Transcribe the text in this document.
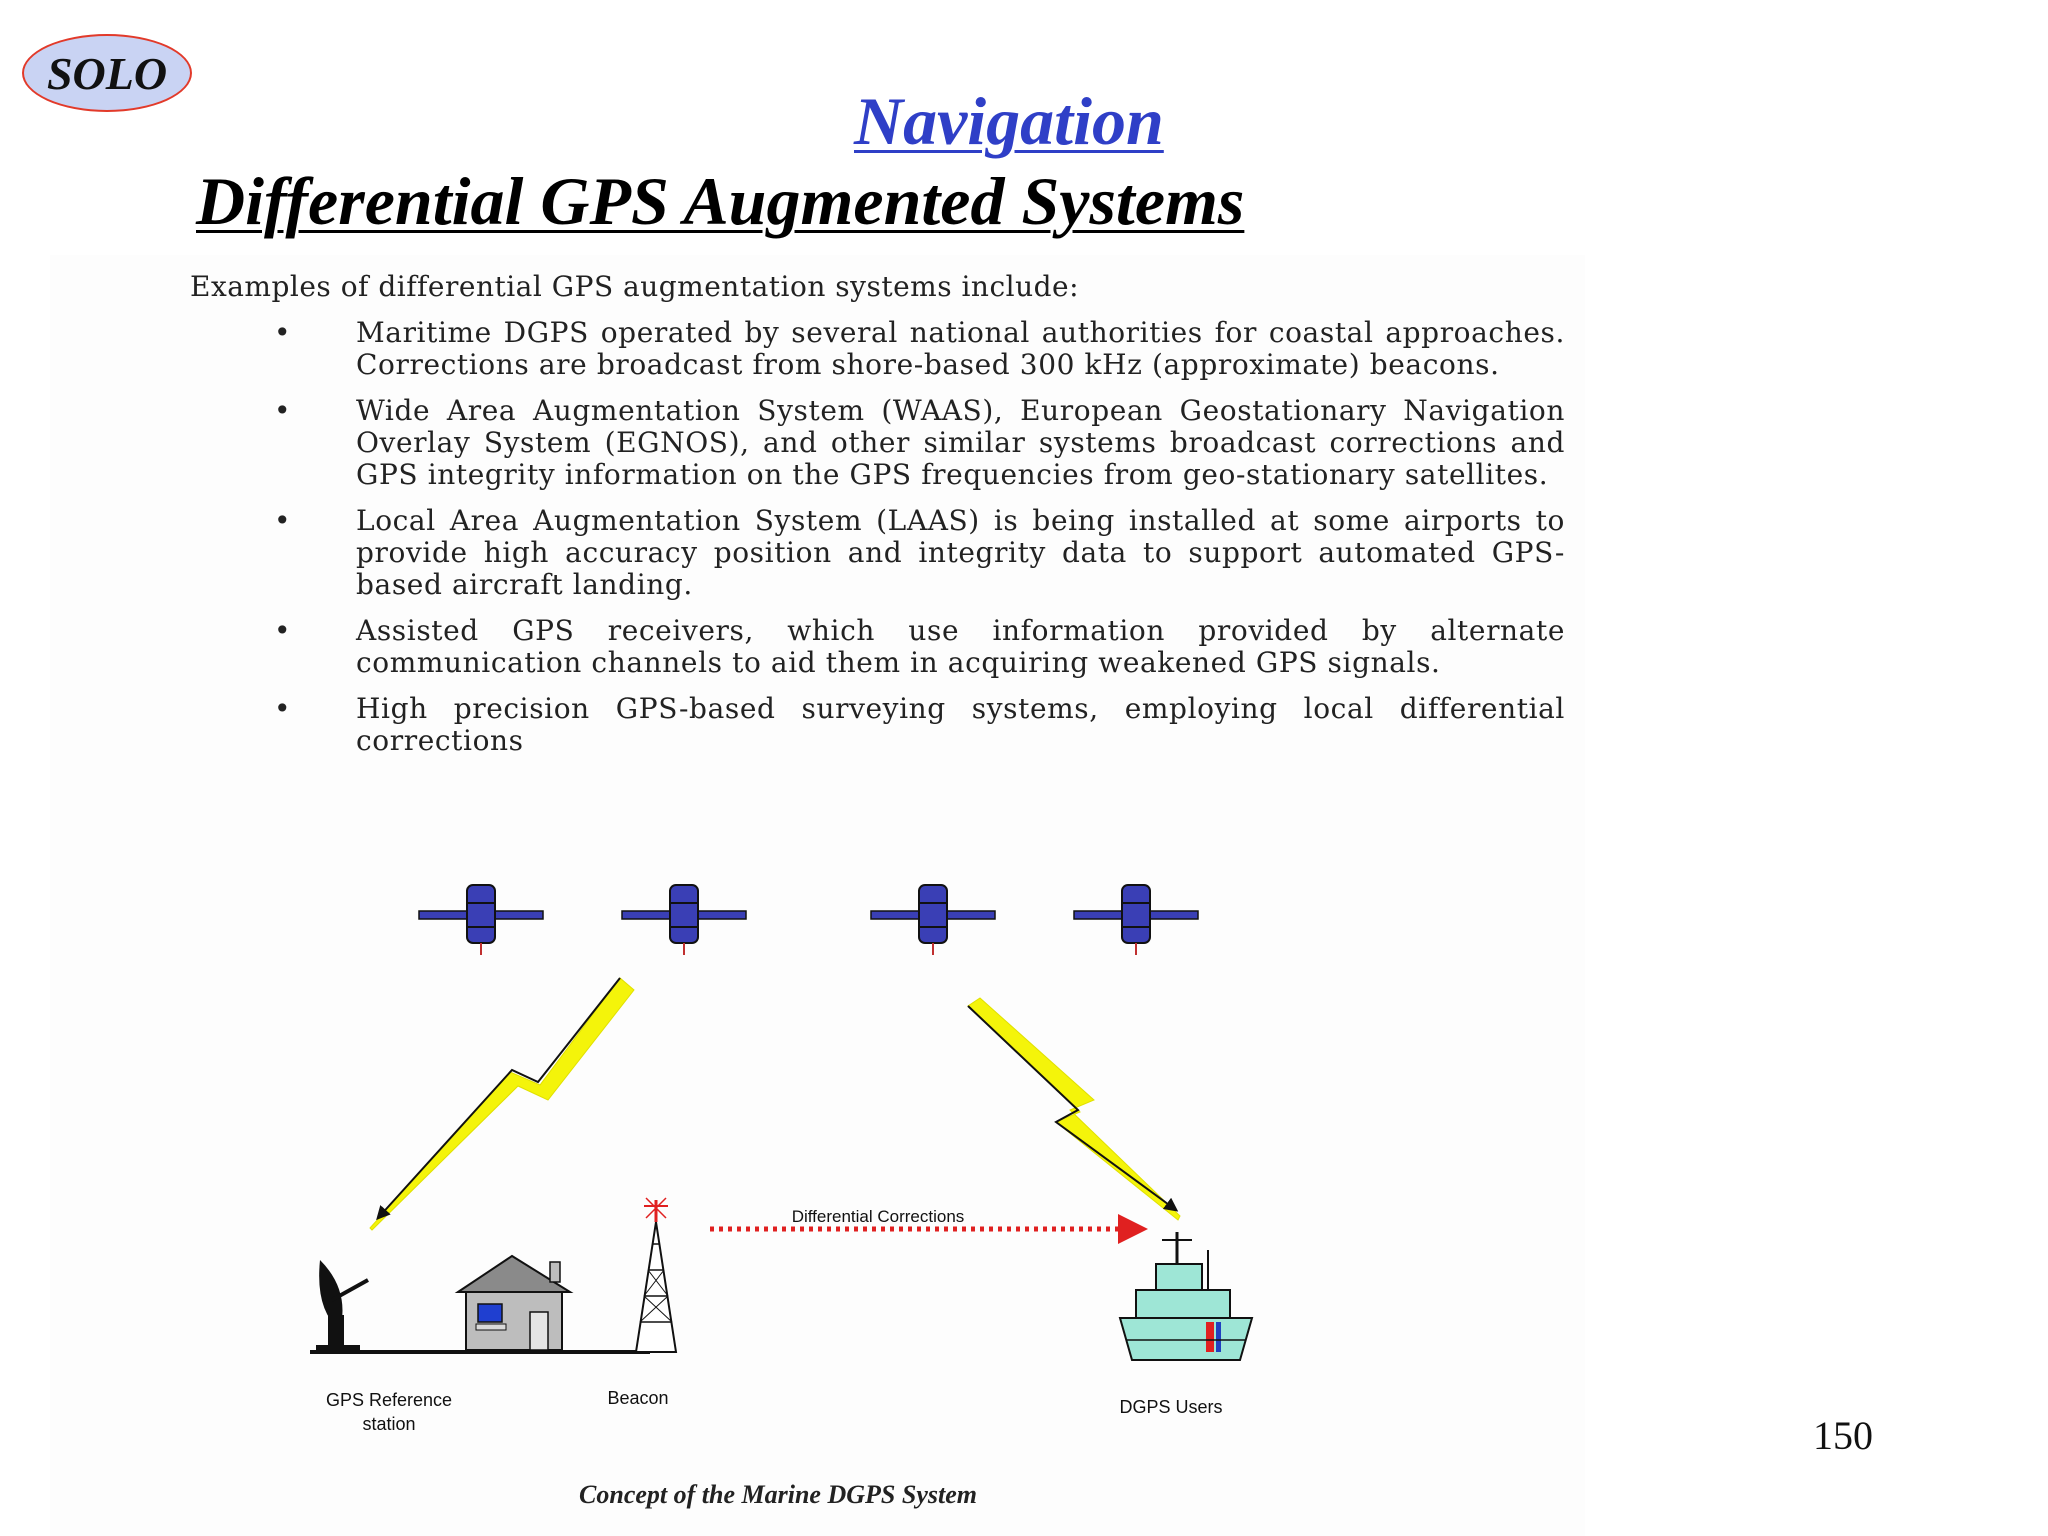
SOLO
Navigation
Differential GPS Augmented Systems

Examples of differential GPS augmentation systems include:

• Maritime DGPS operated by several national authorities for coastal approaches. Corrections are broadcast from shore-based 300 kHz (approximate) beacons.
• Wide Area Augmentation System (WAAS), European Geostationary Navigation Overlay System (EGNOS), and other similar systems broadcast corrections and GPS integrity information on the GPS frequencies from geo-stationary satellites.
• Local Area Augmentation System (LAAS) is being installed at some airports to provide high accuracy position and integrity data to support automated GPS-based aircraft landing.
• Assisted GPS receivers, which use information provided by alternate communication channels to aid them in acquiring weakened GPS signals.
• High precision GPS-based surveying systems, employing local differential corrections
Differential Corrections
GPS Reference
station
Beacon	DGPS Users
Concept of the Marine DGPS System
150
